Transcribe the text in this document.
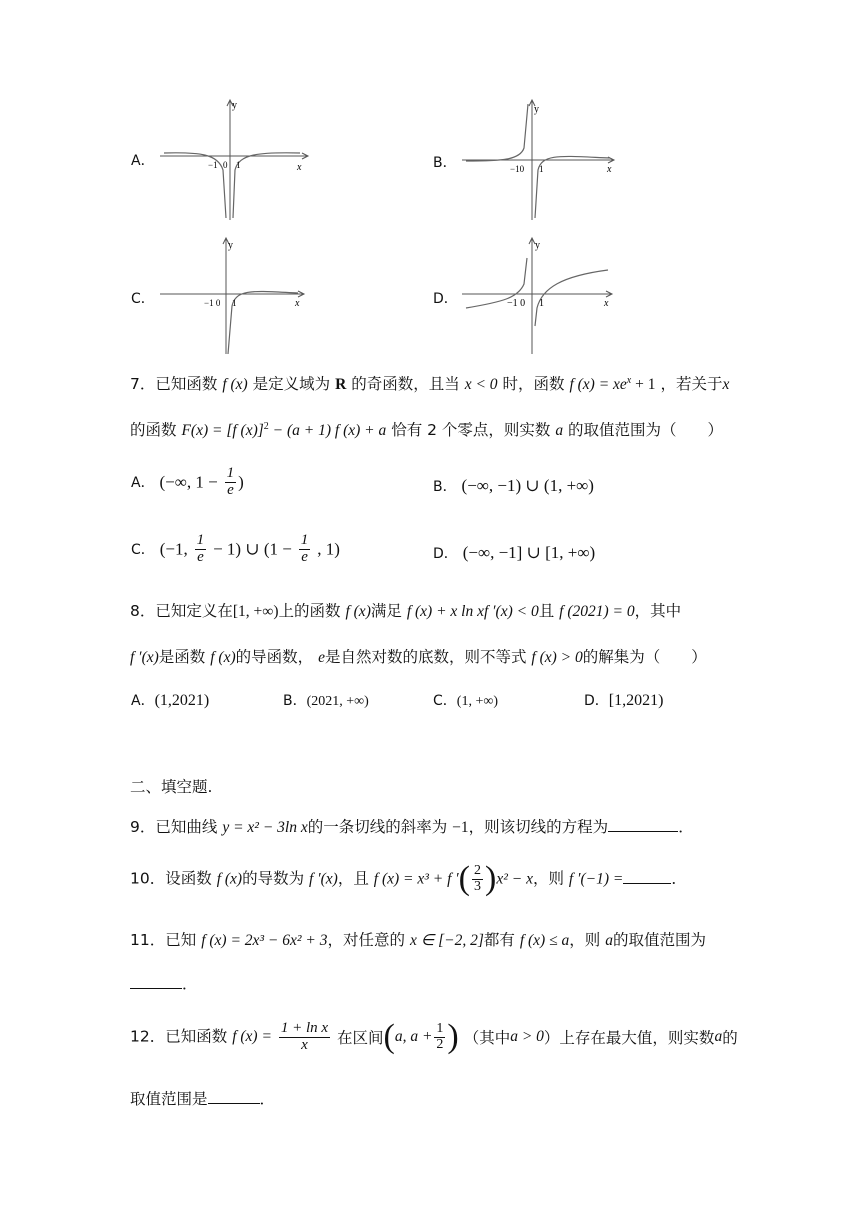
A．
y
x
−1 0 1	B．
y
x
−10 1
C．
y
x
−1 0 1	D．
y
x
−1 0 1
7．已知函数 f (x) 是定义域为 R 的奇函数，且当 x < 0 时，函数 f $(x) = xe^x + 1$ ，若关于x
的函数 F(x) = [f (x)]$^2$ − (a + 1) f (x) + a 恰有 2 个零点，则实数 a 的取值范围为（　　）
A． (−∞, $1 - \frac{1}{e}$ )	B． (−∞, −1) ∪ (1, +∞)
C． (−1, $\frac{1}{e} - 1$) ∪ ($1 - \frac{1}{e}$ , 1)	D． (−∞, −1] ∪ [1, +∞)
8．已知定义在[1, +∞)上的函数 f (x)满足 f (x) + x ln xf ′(x) < 0且 f (2021) = 0，其中
f ′(x)是函数 f (x)的导函数， e是自然对数的底数，则不等式 f (x) > 0的解集为（　　）
A．(1,2021)	B．(2021, +∞)	C．(1, +∞)	D．[1,2021)
二、填空题.
9．已知曲线 y = x² − 3ln x的一条切线的斜率为 −1，则该切线的方程为	．
10．设函数 f (x)的导数为 f ′(x)，且 f (x) = x³ + f ′( $\frac{2}{3} )x^2 - x$，则 f ′(−1) =	．
11．已知 f (x) = 2x³ − 6x² + 3，对任意的 x ∈ [−2, 2]都有 f (x) ≤ a，则 a的取值范围为
．
12．已知函数 f $(x) = \frac{\text{1 + ln x}}{x}$ 在区间(a, $a + \frac{1}{2}$ ) （其中a > 0）上存在最大值，则实数a的
取值范围是	．
